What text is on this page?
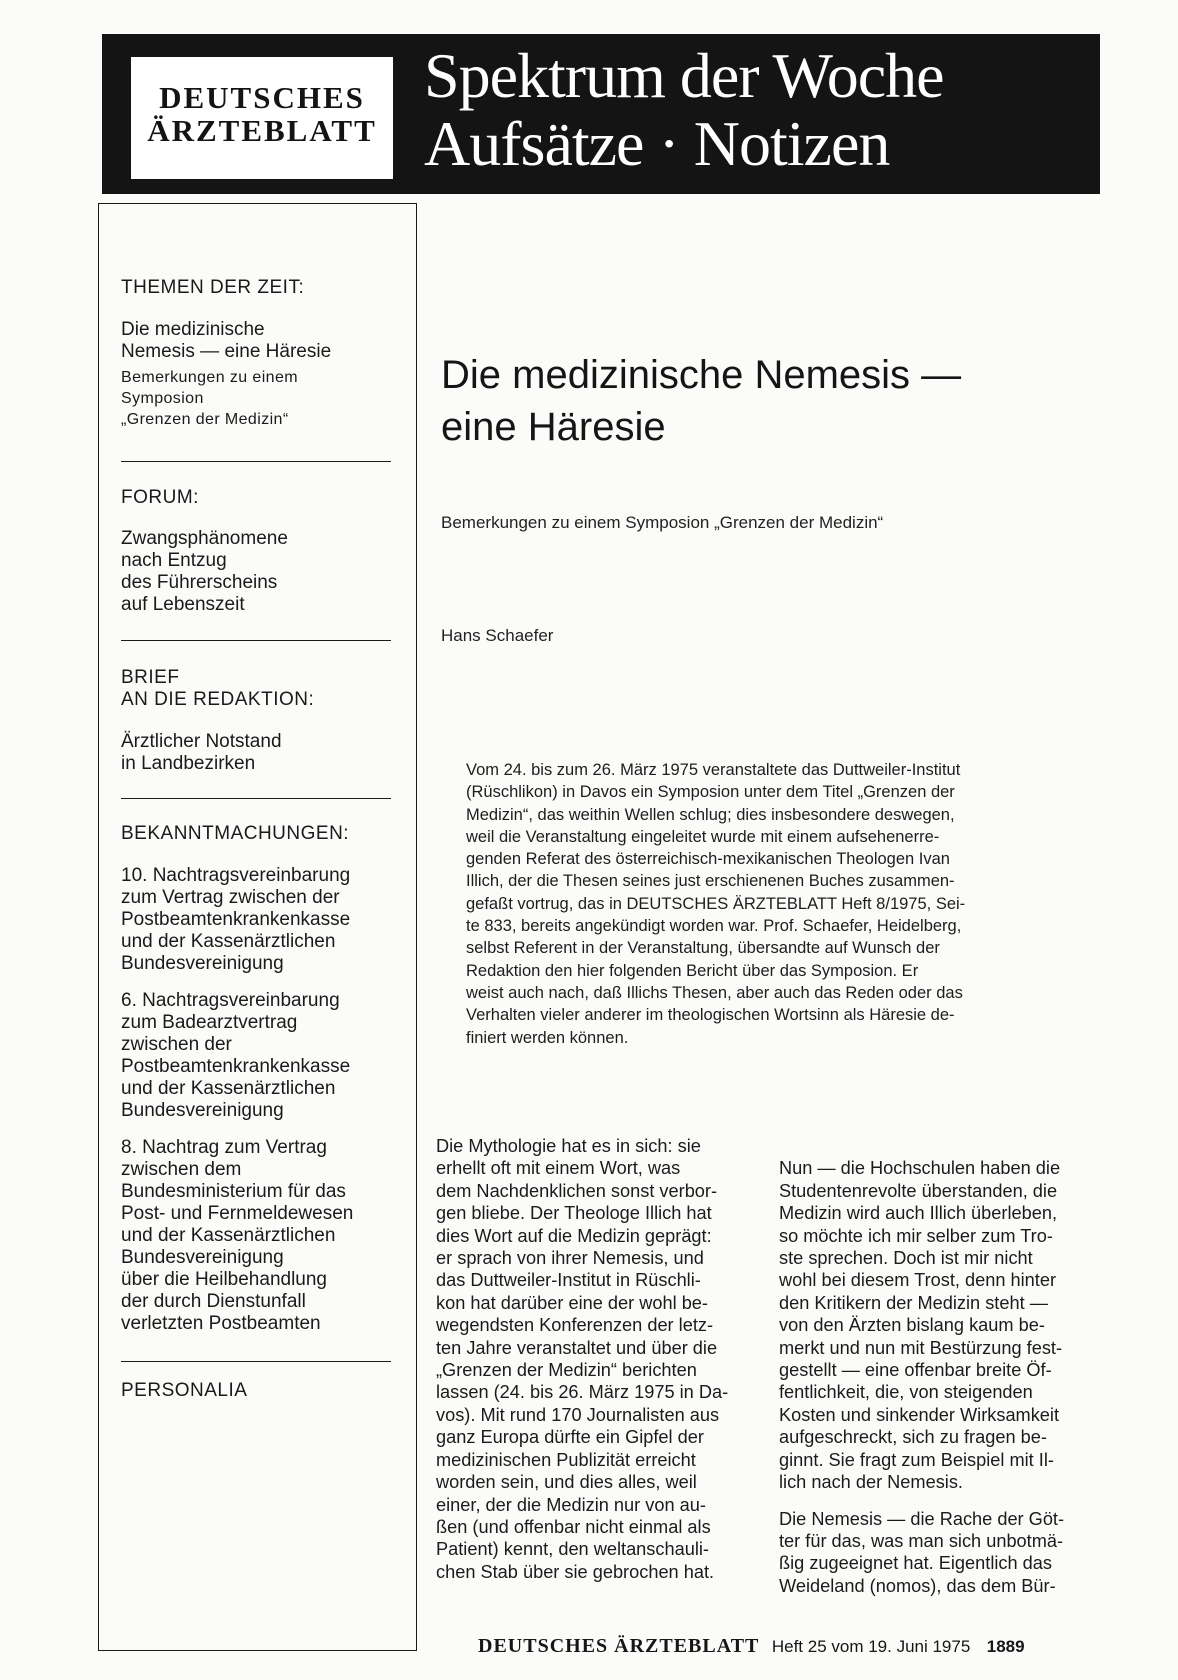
DEUTSCHES
ÄRZTEBLATT
Spektrum der Woche
Aufsätze · Notizen
THEMEN DER ZEIT:
Die medizinische
Nemesis — eine Häresie
Bemerkungen zu einem
Symposion
„Grenzen der Medizin“
FORUM:
Zwangsphänomene
nach Entzug
des Führerscheins
auf Lebenszeit
BRIEF
AN DIE REDAKTION:
Ärztlicher Notstand
in Landbezirken
BEKANNTMACHUNGEN:
10. Nachtragsvereinbarung
zum Vertrag zwischen der
Postbeamtenkrankenkasse
und der Kassenärztlichen
Bundesvereinigung
6. Nachtragsvereinbarung
zum Badearztvertrag
zwischen der
Postbeamtenkrankenkasse
und der Kassenärztlichen
Bundesvereinigung
8. Nachtrag zum Vertrag
zwischen dem
Bundesministerium für das
Post- und Fernmeldewesen
und der Kassenärztlichen
Bundesvereinigung
über die Heilbehandlung
der durch Dienstunfall
verletzten Postbeamten
PERSONALIA
Die medizinische Nemesis —
eine Häresie
Bemerkungen zu einem Symposion „Grenzen der Medizin“
Hans Schaefer
Vom 24. bis zum 26. März 1975 veranstaltete das Duttweiler-Institut
(Rüschlikon) in Davos ein Symposion unter dem Titel „Grenzen der
Medizin“, das weithin Wellen schlug; dies insbesondere deswegen,
weil die Veranstaltung eingeleitet wurde mit einem aufsehenerre-
genden Referat des österreichisch-mexikanischen Theologen Ivan
Illich, der die Thesen seines just erschienenen Buches zusammen-
gefaßt vortrug, das in DEUTSCHES ÄRZTEBLATT Heft 8/1975, Sei-
te 833, bereits angekündigt worden war. Prof. Schaefer, Heidelberg,
selbst Referent in der Veranstaltung, übersandte auf Wunsch der
Redaktion den hier folgenden Bericht über das Symposion. Er
weist auch nach, daß Illichs Thesen, aber auch das Reden oder das
Verhalten vieler anderer im theologischen Wortsinn als Häresie de-
finiert werden können.
Die Mythologie hat es in sich: sie
erhellt oft mit einem Wort, was
dem Nachdenklichen sonst verbor-
gen bliebe. Der Theologe Illich hat
dies Wort auf die Medizin geprägt:
er sprach von ihrer Nemesis, und
das Duttweiler-Institut in Rüschli-
kon hat darüber eine der wohl be-
wegendsten Konferenzen der letz-
ten Jahre veranstaltet und über die
„Grenzen der Medizin“ berichten
lassen (24. bis 26. März 1975 in Da-
vos). Mit rund 170 Journalisten aus
ganz Europa dürfte ein Gipfel der
medizinischen Publizität erreicht
worden sein, und dies alles, weil
einer, der die Medizin nur von au-
ßen (und offenbar nicht einmal als
Patient) kennt, den weltanschauli-
chen Stab über sie gebrochen hat.

Nun — die Hochschulen haben die
Studentenrevolte überstanden, die
Medizin wird auch Illich überleben,
so möchte ich mir selber zum Tro-
ste sprechen. Doch ist mir nicht
wohl bei diesem Trost, denn hinter
den Kritikern der Medizin steht —
von den Ärzten bislang kaum be-
merkt und nun mit Bestürzung fest-
gestellt — eine offenbar breite Öf-
fentlichkeit, die, von steigenden
Kosten und sinkender Wirksamkeit
aufgeschreckt, sich zu fragen be-
ginnt. Sie fragt zum Beispiel mit Il-
lich nach der Nemesis.

Die Nemesis — die Rache der Göt-
ter für das, was man sich unbotmä-
ßig zugeeignet hat. Eigentlich das
Weideland (nomos), das dem Bür-

DEUTSCHES ÄRZTEBLATT Heft 25 vom 19. Juni 1975 1889
